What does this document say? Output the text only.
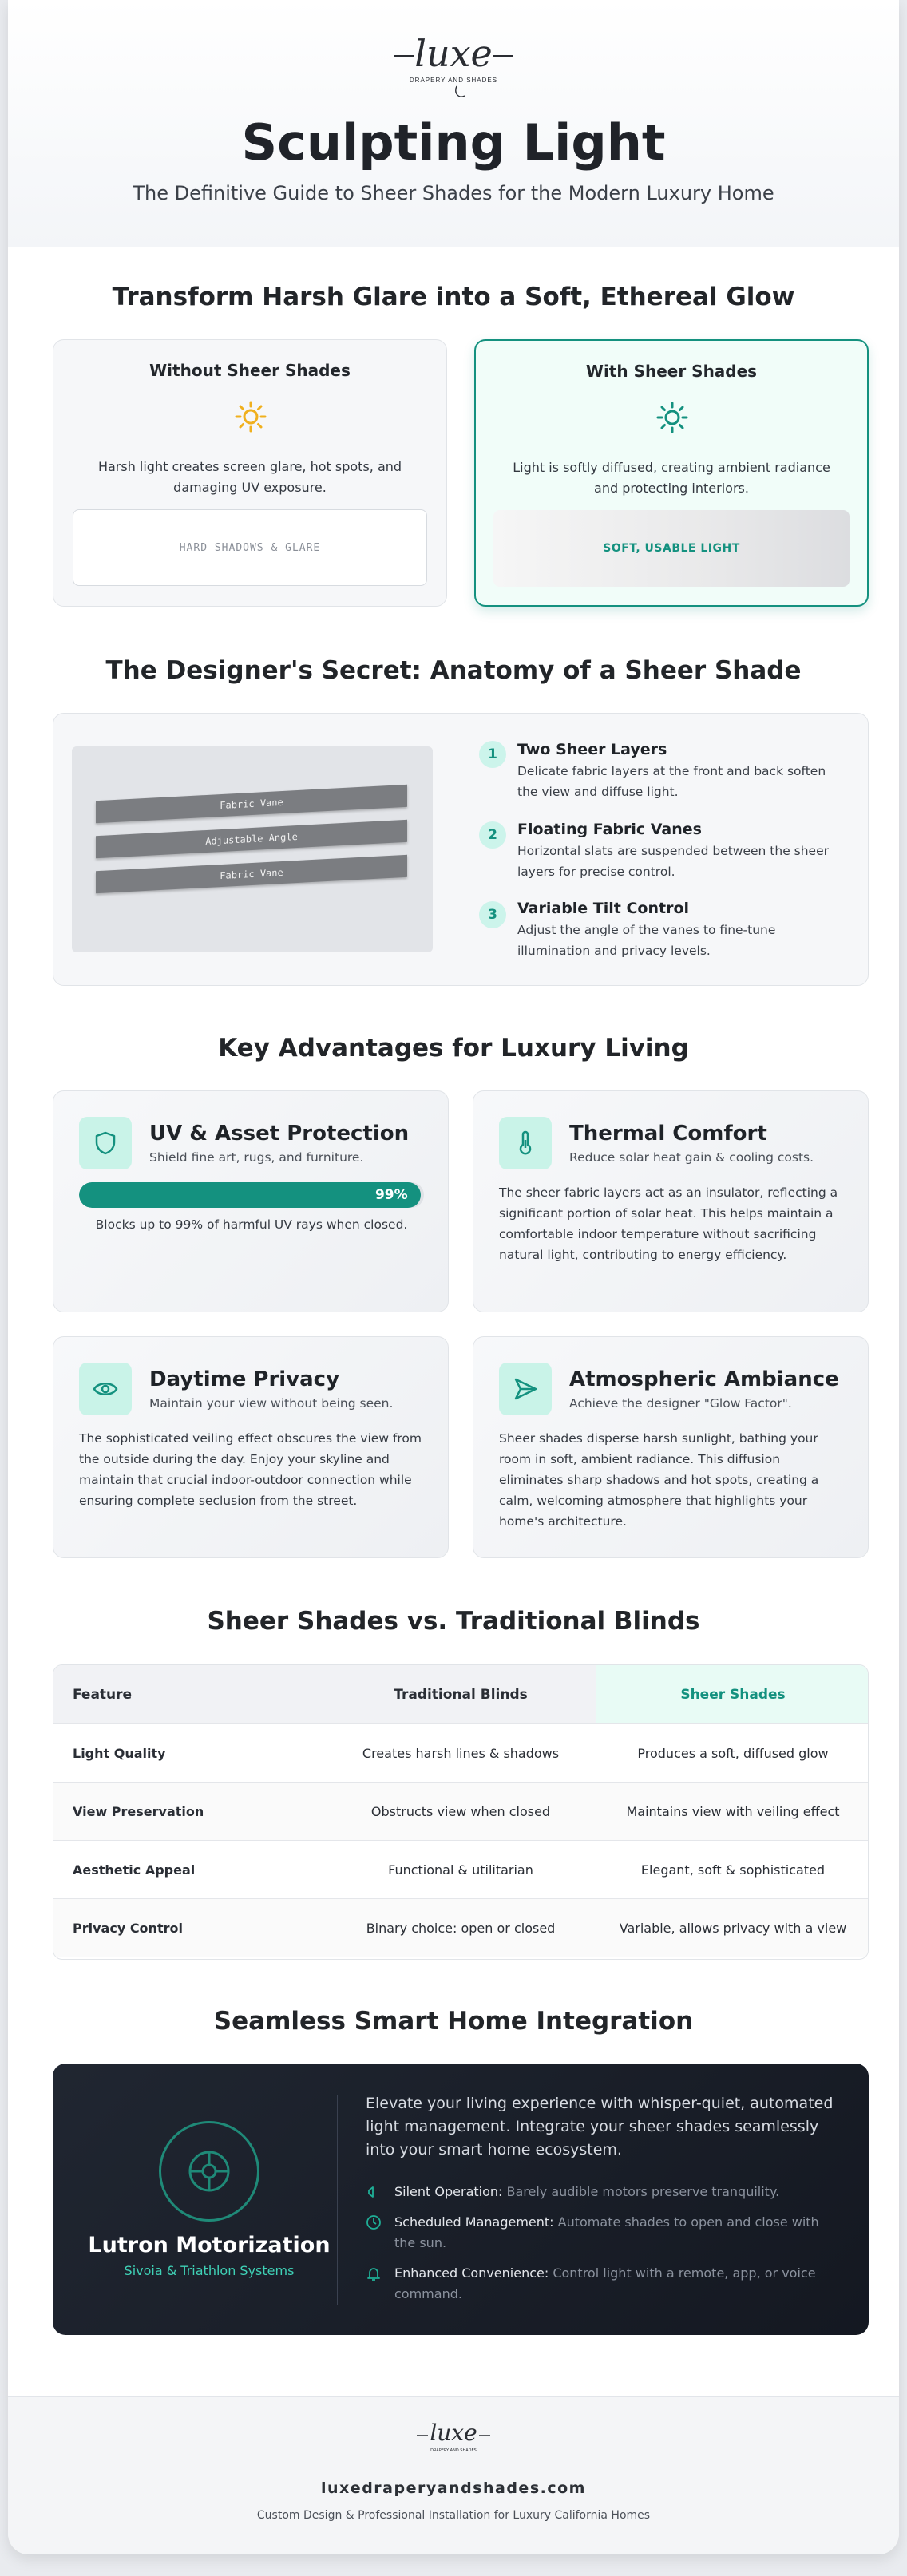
luxe
DRAPERY AND SHADES
Sculpting Light
The Definitive Guide to Sheer Shades for the Modern Luxury Home
Transform Harsh Glare into a Soft, Ethereal Glow
Without Sheer Shades
Harsh light creates screen glare, hot spots, and damaging UV exposure.
HARD SHADOWS & GLARE
With Sheer Shades
Light is softly diffused, creating ambient radiance and protecting interiors.
SOFT, USABLE LIGHT
The Designer's Secret: Anatomy of a Sheer Shade
Fabric Vane
Adjustable Angle
Fabric Vane
1	Two Sheer Layers
Delicate fabric layers at the front and back soften the view and diffuse light.
2	Floating Fabric Vanes
Horizontal slats are suspended between the sheer layers for precise control.
3	Variable Tilt Control
Adjust the angle of the vanes to fine-tune illumination and privacy levels.
Key Advantages for Luxury Living
UV & Asset Protection
Shield fine art, rugs, and furniture.
99%
Blocks up to 99% of harmful UV rays when closed.
Thermal Comfort
Reduce solar heat gain & cooling costs.
The sheer fabric layers act as an insulator, reflecting a significant portion of solar heat. This helps maintain a comfortable indoor temperature without sacrificing natural light, contributing to energy efficiency.
Daytime Privacy
Maintain your view without being seen.
The sophisticated veiling effect obscures the view from the outside during the day. Enjoy your skyline and maintain that crucial indoor-outdoor connection while ensuring complete seclusion from the street.
Atmospheric Ambiance
Achieve the designer "Glow Factor".
Sheer shades disperse harsh sunlight, bathing your room in soft, ambient radiance. This diffusion eliminates sharp shadows and hot spots, creating a calm, welcoming atmosphere that highlights your home's architecture.
Sheer Shades vs. Traditional Blinds
Feature	Traditional Blinds	Sheer Shades
Light Quality	Creates harsh lines & shadows	Produces a soft, diffused glow
View Preservation	Obstructs view when closed	Maintains view with veiling effect
Aesthetic Appeal	Functional & utilitarian	Elegant, soft & sophisticated
Privacy Control	Binary choice: open or closed	Variable, allows privacy with a view
Seamless Smart Home Integration
Lutron Motorization
Sivoia & Triathlon Systems
Elevate your living experience with whisper-quiet, automated light management. Integrate your sheer shades seamlessly into your smart home ecosystem.
Silent Operation: Barely audible motors preserve tranquility.
Scheduled Management: Automate shades to open and close with the sun.
Enhanced Convenience: Control light with a remote, app, or voice command.
luxe
DRAPERY AND SHADES
luxedraperyandshades.com
Custom Design & Professional Installation for Luxury California Homes
